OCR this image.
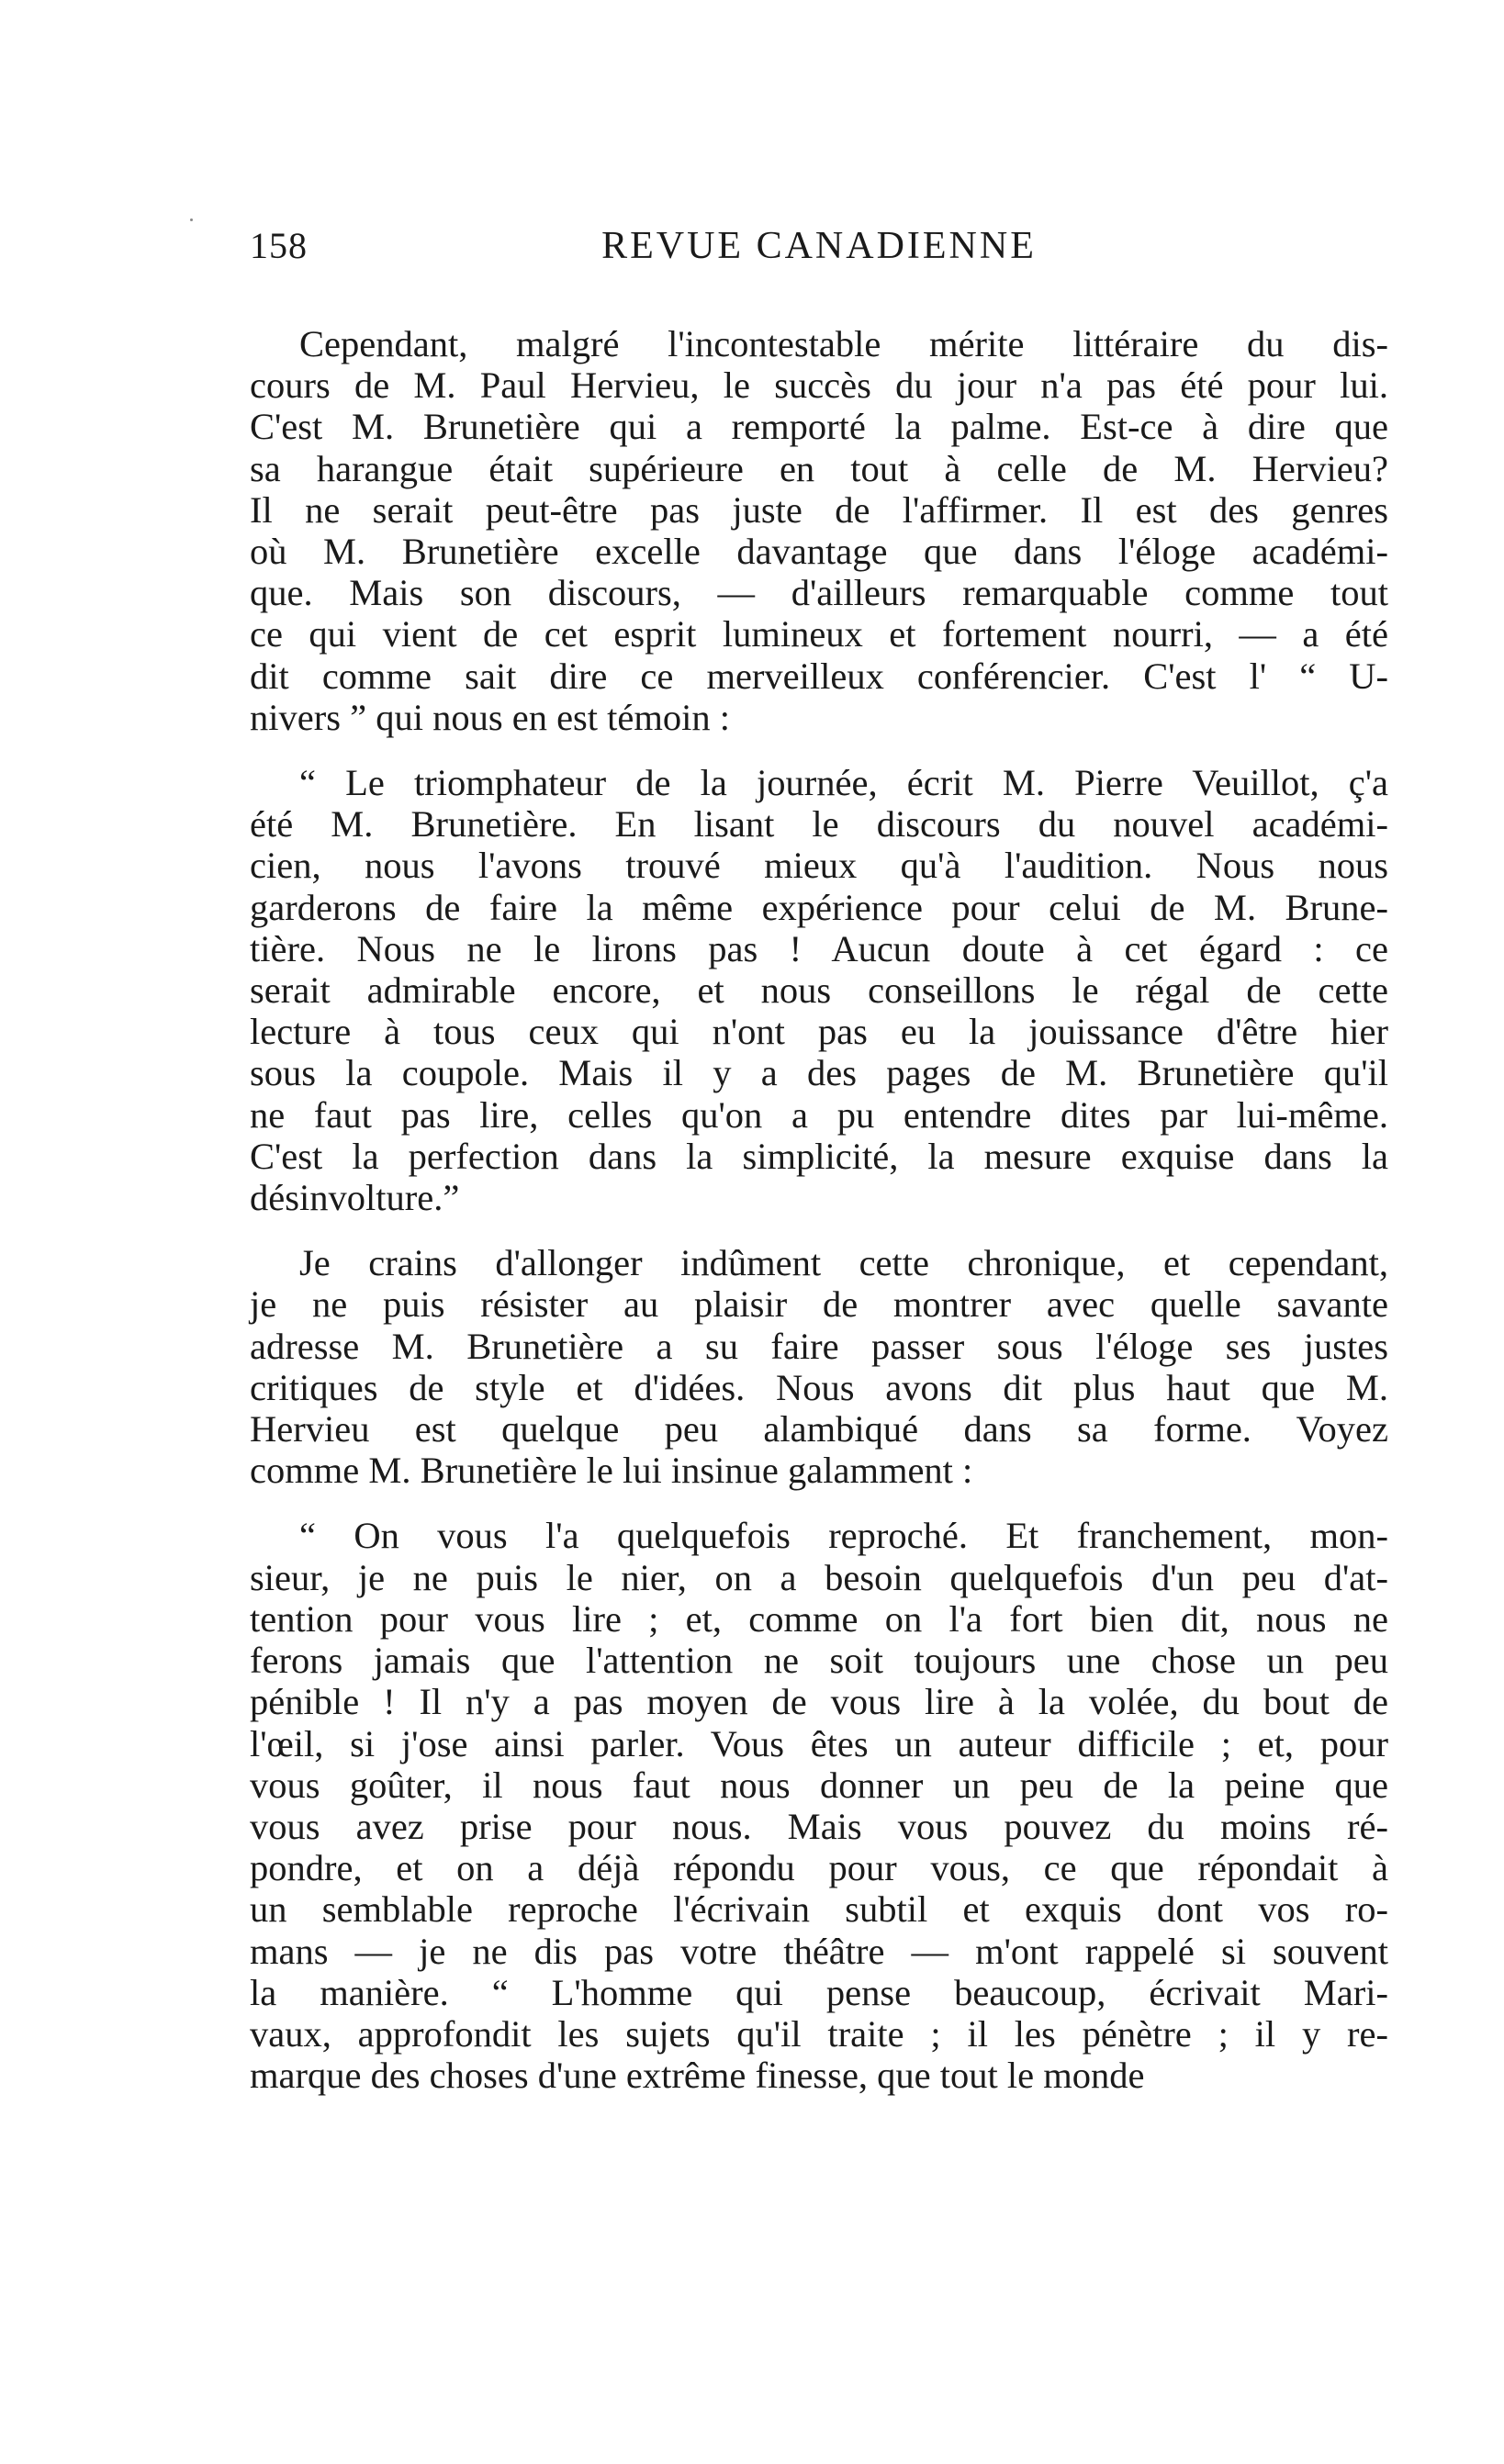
158	REVUE CANADIENNE
Cependant, malgré l'incontestable mérite littéraire du dis-
cours de M. Paul Hervieu, le succès du jour n'a pas été pour lui.
C'est M. Brunetière qui a remporté la palme. Est-ce à dire que
sa harangue était supérieure en tout à celle de M. Hervieu?
Il ne serait peut-être pas juste de l'affirmer. Il est des genres
où M. Brunetière excelle davantage que dans l'éloge académi-
que. Mais son discours, — d'ailleurs remarquable comme tout
ce qui vient de cet esprit lumineux et fortement nourri, — a été
dit comme sait dire ce merveilleux conférencier. C'est l' “ U-
nivers ” qui nous en est témoin :
“ Le triomphateur de la journée, écrit M. Pierre Veuillot, ç'a
été M. Brunetière. En lisant le discours du nouvel académi-
cien, nous l'avons trouvé mieux qu'à l'audition. Nous nous
garderons de faire la même expérience pour celui de M. Brune-
tière. Nous ne le lirons pas ! Aucun doute à cet égard : ce
serait admirable encore, et nous conseillons le régal de cette
lecture à tous ceux qui n'ont pas eu la jouissance d'être hier
sous la coupole. Mais il y a des pages de M. Brunetière qu'il
ne faut pas lire, celles qu'on a pu entendre dites par lui-même.
C'est la perfection dans la simplicité, la mesure exquise dans la
désinvolture.”
Je crains d'allonger indûment cette chronique, et cependant,
je ne puis résister au plaisir de montrer avec quelle savante
adresse M. Brunetière a su faire passer sous l'éloge ses justes
critiques de style et d'idées. Nous avons dit plus haut que M.
Hervieu est quelque peu alambiqué dans sa forme. Voyez
comme M. Brunetière le lui insinue galamment :
“ On vous l'a quelquefois reproché. Et franchement, mon-
sieur, je ne puis le nier, on a besoin quelquefois d'un peu d'at-
tention pour vous lire ; et, comme on l'a fort bien dit, nous ne
ferons jamais que l'attention ne soit toujours une chose un peu
pénible ! Il n'y a pas moyen de vous lire à la volée, du bout de
l'œil, si j'ose ainsi parler. Vous êtes un auteur difficile ; et, pour
vous goûter, il nous faut nous donner un peu de la peine que
vous avez prise pour nous. Mais vous pouvez du moins ré-
pondre, et on a déjà répondu pour vous, ce que répondait à
un semblable reproche l'écrivain subtil et exquis dont vos ro-
mans — je ne dis pas votre théâtre — m'ont rappelé si souvent
la manière. “ L'homme qui pense beaucoup, écrivait Mari-
vaux, approfondit les sujets qu'il traite ; il les pénètre ; il y re-
marque des choses d'une extrême finesse, que tout le monde
